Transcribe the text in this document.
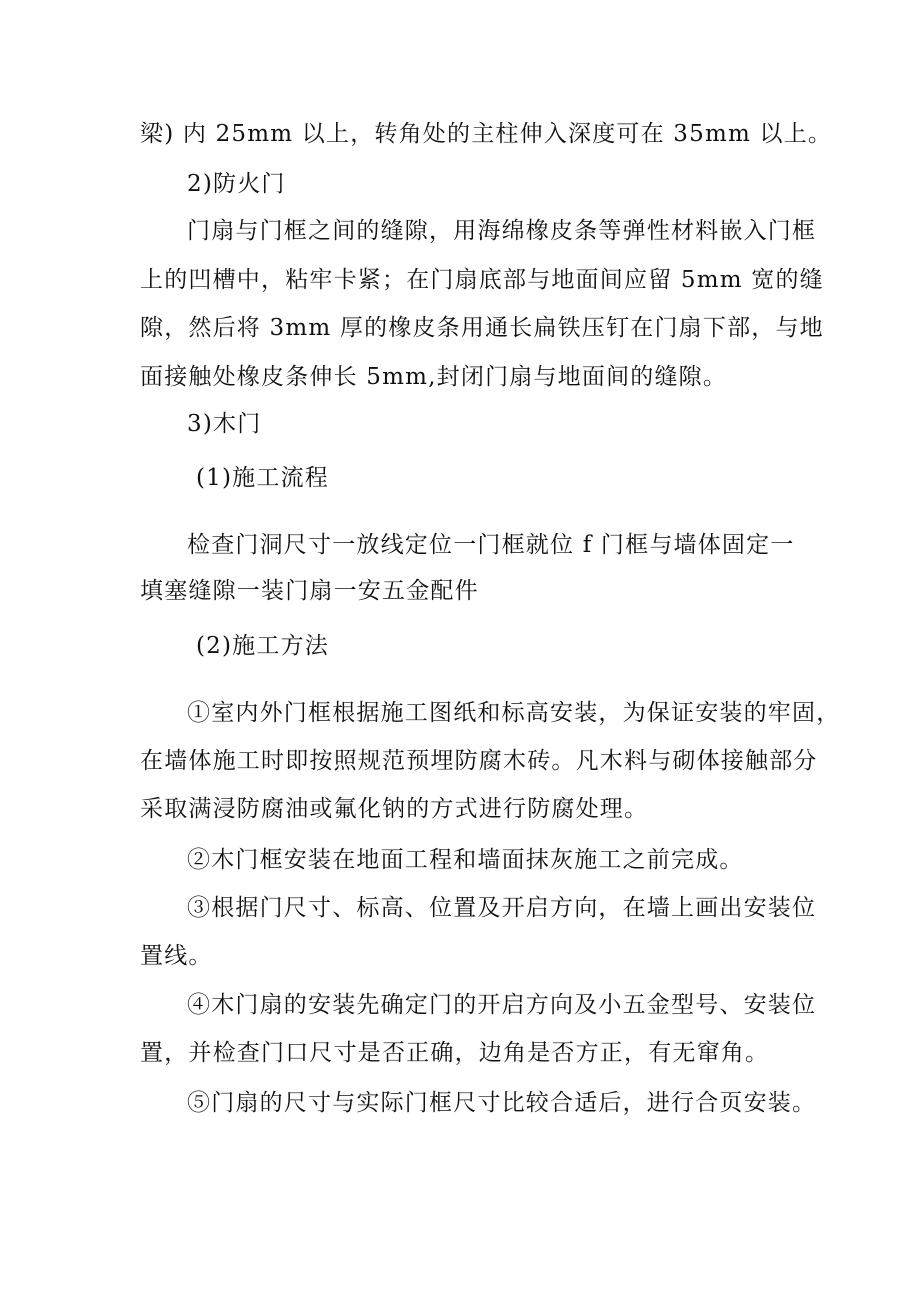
梁) 内 25mm 以上，转角处的主柱伸入深度可在 35mm 以上。
2)防火门
门扇与门框之间的缝隙，用海绵橡皮条等弹性材料嵌入门框
上的凹槽中，粘牢卡紧；在门扇底部与地面间应留 5mm 宽的缝
隙，然后将 3mm 厚的橡皮条用通长扁铁压钉在门扇下部，与地
面接触处橡皮条伸长 5mm,封闭门扇与地面间的缝隙。
3)木门
(1)施工流程
检查门洞尺寸一放线定位一门框就位 f 门框与墙体固定一
填塞缝隙一装门扇一安五金配件
(2)施工方法
①室内外门框根据施工图纸和标高安装，为保证安装的牢固，
在墙体施工时即按照规范预埋防腐木砖。凡木料与砌体接触部分
采取满浸防腐油或氟化钠的方式进行防腐处理。
②木门框安装在地面工程和墙面抹灰施工之前完成。
③根据门尺寸、标高、位置及开启方向，在墙上画出安装位
置线。
④木门扇的安装先确定门的开启方向及小五金型号、安装位
置，并检查门口尺寸是否正确，边角是否方正，有无窜角。
⑤门扇的尺寸与实际门框尺寸比较合适后，进行合页安装。
